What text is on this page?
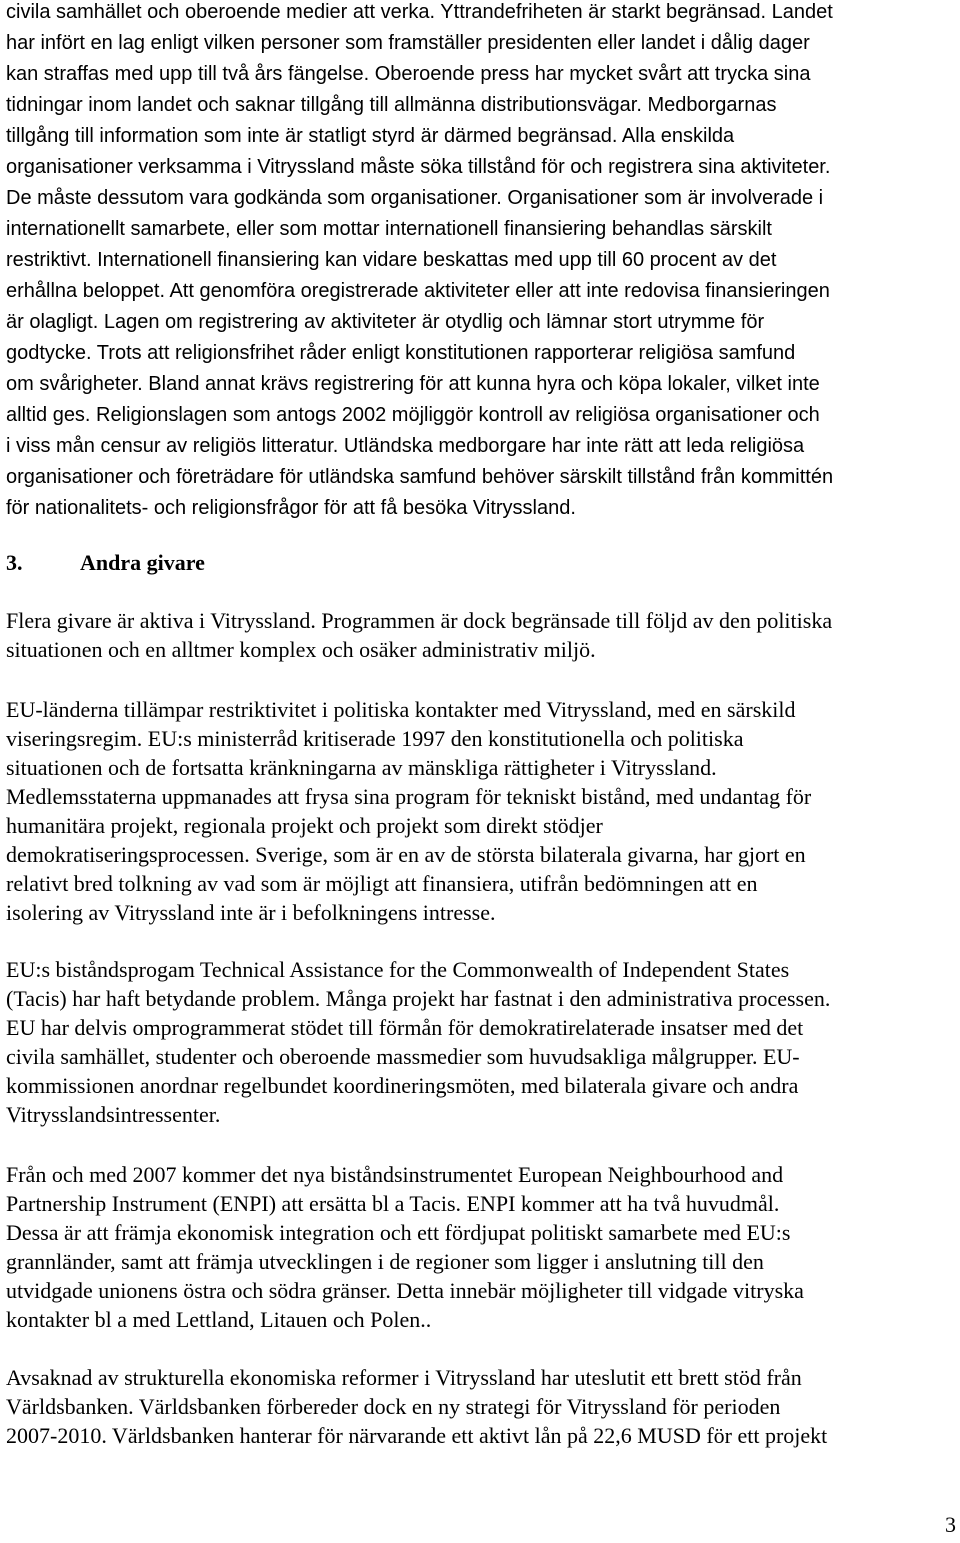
civila samhället och oberoende medier att verka. Yttrandefriheten är starkt begränsad. Landet
har infört en lag enligt vilken personer som framställer presidenten eller landet i dålig dager
kan straffas med upp till två års fängelse. Oberoende press har mycket svårt att trycka sina
tidningar inom landet och saknar tillgång till allmänna distributionsvägar. Medborgarnas
tillgång till information som inte är statligt styrd är därmed begränsad. Alla enskilda
organisationer verksamma i Vitryssland måste söka tillstånd för och registrera sina aktiviteter.
De måste dessutom vara godkända som organisationer. Organisationer som är involverade i
internationellt samarbete, eller som mottar internationell finansiering behandlas särskilt
restriktivt. Internationell finansiering kan vidare beskattas med upp till 60 procent av det
erhållna beloppet. Att genomföra oregistrerade aktiviteter eller att inte redovisa finansieringen
är olagligt. Lagen om registrering av aktiviteter är otydlig och lämnar stort utrymme för
godtycke. Trots att religionsfrihet råder enligt konstitutionen rapporterar religiösa samfund
om svårigheter. Bland annat krävs registrering för att kunna hyra och köpa lokaler, vilket inte
alltid ges. Religionslagen som antogs 2002 möjliggör kontroll av religiösa organisationer och
i viss mån censur av religiös litteratur. Utländska medborgare har inte rätt att leda religiösa
organisationer och företrädare för utländska samfund behöver särskilt tillstånd från kommittén
för nationalitets- och religionsfrågor för att få besöka Vitryssland.
3.	Andra givare
Flera givare är aktiva i Vitryssland. Programmen är dock begränsade till följd av den politiska
situationen och en alltmer komplex och osäker administrativ miljö.
EU-länderna tillämpar restriktivitet i politiska kontakter med Vitryssland, med en särskild
viseringsregim. EU:s ministerråd kritiserade 1997 den konstitutionella och politiska
situationen och de fortsatta kränkningarna av mänskliga rättigheter i Vitryssland.
Medlemsstaterna uppmanades att frysa sina program för tekniskt bistånd, med undantag för
humanitära projekt, regionala projekt och projekt som direkt stödjer
demokratiseringsprocessen. Sverige, som är en av de största bilaterala givarna, har gjort en
relativt bred tolkning av vad som är möjligt att finansiera, utifrån bedömningen att en
isolering av Vitryssland inte är i befolkningens intresse.
EU:s biståndsprogam Technical Assistance for the Commonwealth of Independent States
(Tacis) har haft betydande problem. Många projekt har fastnat i den administrativa processen.
EU har delvis omprogrammerat stödet till förmån för demokratirelaterade insatser med det
civila samhället, studenter och oberoende massmedier som huvudsakliga målgrupper. EU-
kommissionen anordnar regelbundet koordineringsmöten, med bilaterala givare och andra
Vitrysslandsintressenter.
Från och med 2007 kommer det nya biståndsinstrumentet European Neighbourhood and
Partnership Instrument (ENPI) att ersätta bl a Tacis. ENPI kommer att ha två huvudmål.
Dessa är att främja ekonomisk integration och ett fördjupat politiskt samarbete med EU:s
grannländer, samt att främja utvecklingen i de regioner som ligger i anslutning till den
utvidgade unionens östra och södra gränser. Detta innebär möjligheter till vidgade vitryska
kontakter bl a med Lettland, Litauen och Polen..
Avsaknad av strukturella ekonomiska reformer i Vitryssland har uteslutit ett brett stöd från
Världsbanken. Världsbanken förbereder dock en ny strategi för Vitryssland för perioden
2007-2010. Världsbanken hanterar för närvarande ett aktivt lån på 22,6 MUSD för ett projekt
3
